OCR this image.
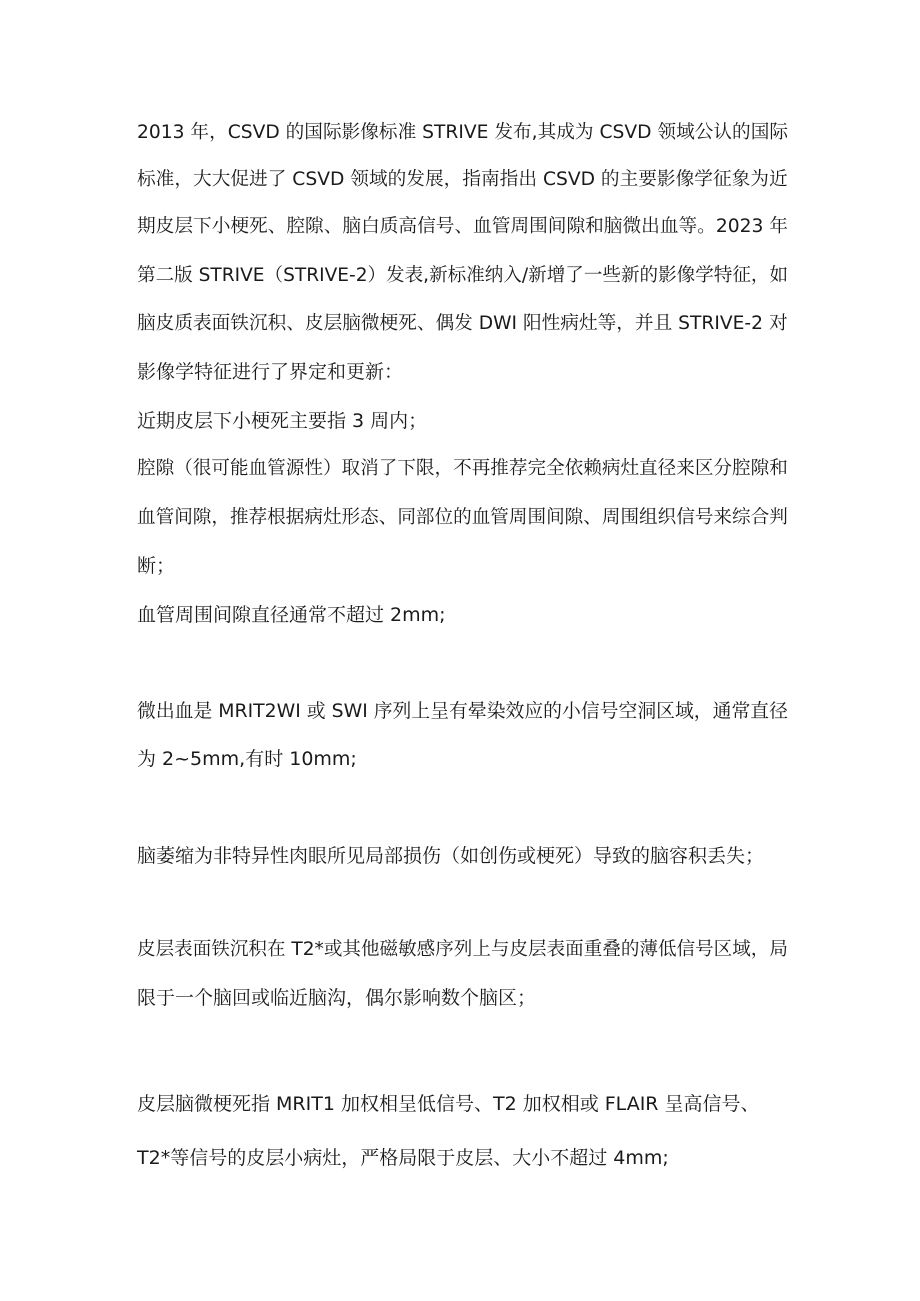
2013 年，CSVD 的国际影像标准 STRIVE 发布,其成为 CSVD 领域公认的国际
标准，大大促进了 CSVD 领域的发展，指南指出 CSVD 的主要影像学征象为近
期皮层下小梗死、腔隙、脑白质高信号、血管周围间隙和脑微出血等。2023 年
第二版 STRIVE（STRIVE-2）发表,新标准纳入/新增了一些新的影像学特征，如
脑皮质表面铁沉积、皮层脑微梗死、偶发 DWI 阳性病灶等，并且 STRIVE-2 对
影像学特征进行了界定和更新：
近期皮层下小梗死主要指 3 周内；
腔隙（很可能血管源性）取消了下限，不再推荐完全依赖病灶直径来区分腔隙和
血管间隙，推荐根据病灶形态、同部位的血管周围间隙、周围组织信号来综合判
断；
血管周围间隙直径通常不超过 2mm;
微出血是 MRIT2WI 或 SWI 序列上呈有晕染效应的小信号空洞区域，通常直径
为 2~5mm,有时 10mm;
脑萎缩为非特异性肉眼所见局部损伤（如创伤或梗死）导致的脑容积丢失；
皮层表面铁沉积在 T2*或其他磁敏感序列上与皮层表面重叠的薄低信号区域，局
限于一个脑回或临近脑沟，偶尔影响数个脑区；
皮层脑微梗死指 MRIT1 加权相呈低信号、T2 加权相或 FLAIR 呈高信号、
T2*等信号的皮层小病灶，严格局限于皮层、大小不超过 4mm;
